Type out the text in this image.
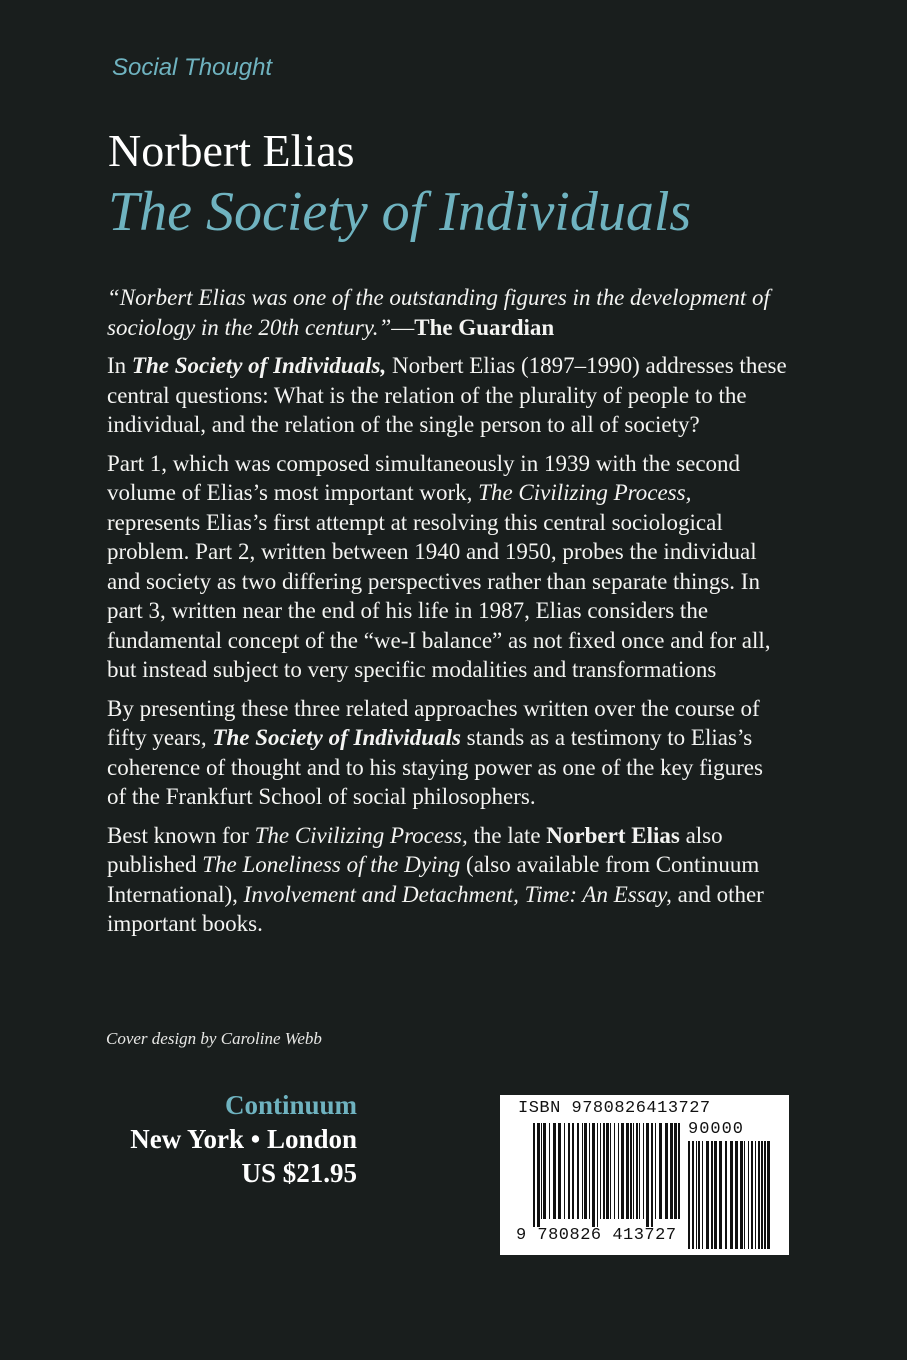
Social Thought
Norbert Elias
The Society of Individuals

“Norbert Elias was one of the outstanding figures in the development of sociology in the 20th century.”—The Guardian

In The Society of Individuals, Norbert Elias (1897–1990) addresses these central questions: What is the relation of the plurality of people to the individual, and the relation of the single person to all of society?

Part 1, which was composed simultaneously in 1939 with the second volume of Elias’s most important work, The Civilizing Process, represents Elias’s first attempt at resolving this central sociological problem. Part 2, written between 1940 and 1950, probes the individual and society as two differing perspectives rather than separate things. In part 3, written near the end of his life in 1987, Elias considers the fundamental concept of the “we-I balance” as not fixed once and for all, but instead subject to very specific modalities and transformations

By presenting these three related approaches written over the course of fifty years, The Society of Individuals stands as a testimony to Elias’s coherence of thought and to his staying power as one of the key figures of the Frankfurt School of social philosophers.

Best known for The Civilizing Process, the late Norbert Elias also published The Loneliness of the Dying (also available from Continuum International), Involvement and Detachment, Time: An Essay, and other important books.

Cover design by Caroline Webb
Continuum
New York • London
US $21.95
ISBN 9780826413727
90000
9 780826 413727
